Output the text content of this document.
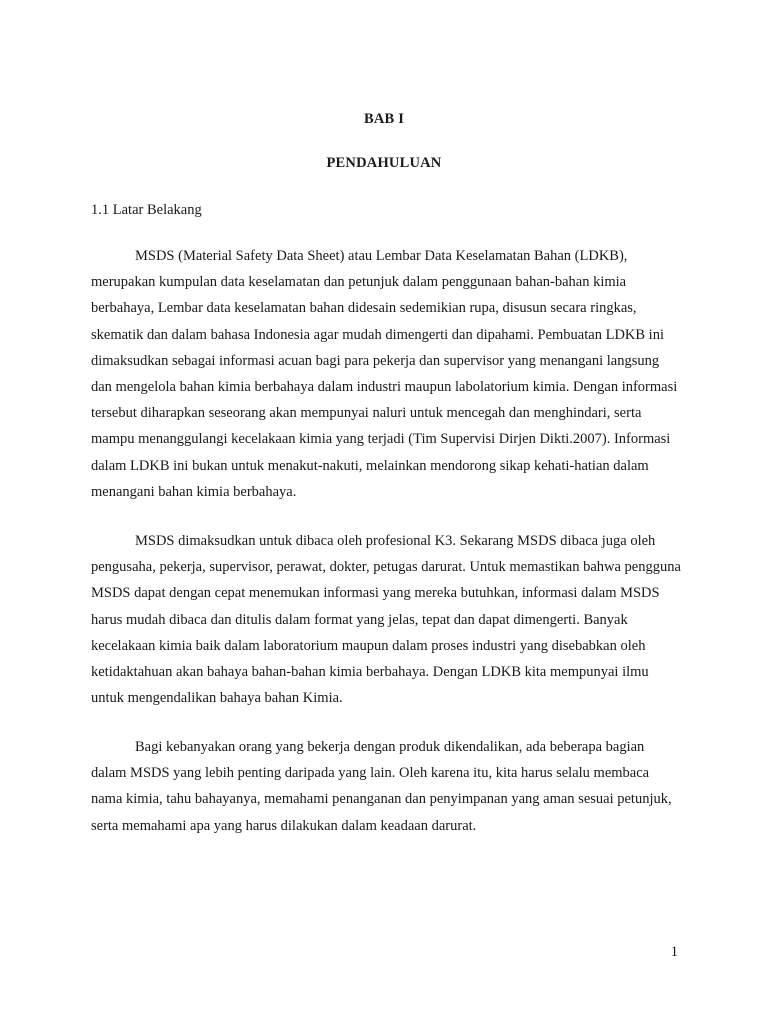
BAB I
PENDAHULUAN
1.1 Latar Belakang

MSDS (Material Safety Data Sheet) atau Lembar Data Keselamatan Bahan (LDKB), merupakan kumpulan data keselamatan dan petunjuk dalam penggunaan bahan-bahan kimia berbahaya, Lembar data keselamatan bahan didesain sedemikian rupa, disusun secara ringkas, skematik dan dalam bahasa Indonesia agar mudah dimengerti dan dipahami. Pembuatan LDKB ini dimaksudkan sebagai informasi acuan bagi para pekerja dan supervisor yang menangani langsung dan mengelola bahan kimia berbahaya dalam industri maupun labolatorium kimia. Dengan informasi tersebut diharapkan seseorang akan mempunyai naluri untuk mencegah dan menghindari, serta mampu menanggulangi kecelakaan kimia yang terjadi (Tim Supervisi Dirjen Dikti.2007). Informasi dalam LDKB ini bukan untuk menakut-nakuti, melainkan mendorong sikap kehati-hatian dalam menangani bahan kimia berbahaya.

MSDS dimaksudkan untuk dibaca oleh profesional K3. Sekarang MSDS dibaca juga oleh pengusaha, pekerja, supervisor, perawat, dokter, petugas darurat. Untuk memastikan bahwa pengguna MSDS dapat dengan cepat menemukan informasi yang mereka butuhkan, informasi dalam MSDS harus mudah dibaca dan ditulis dalam format yang jelas, tepat dan dapat dimengerti. Banyak kecelakaan kimia baik dalam laboratorium maupun dalam proses industri yang disebabkan oleh ketidaktahuan akan bahaya bahan-bahan kimia berbahaya. Dengan LDKB kita mempunyai ilmu untuk mengendalikan bahaya bahan Kimia.

Bagi kebanyakan orang yang bekerja dengan produk dikendalikan, ada beberapa bagian dalam MSDS yang lebih penting daripada yang lain. Oleh karena itu, kita harus selalu membaca nama kimia, tahu bahayanya, memahami penanganan dan penyimpanan yang aman sesuai petunjuk, serta memahami apa yang harus dilakukan dalam keadaan darurat.

1
